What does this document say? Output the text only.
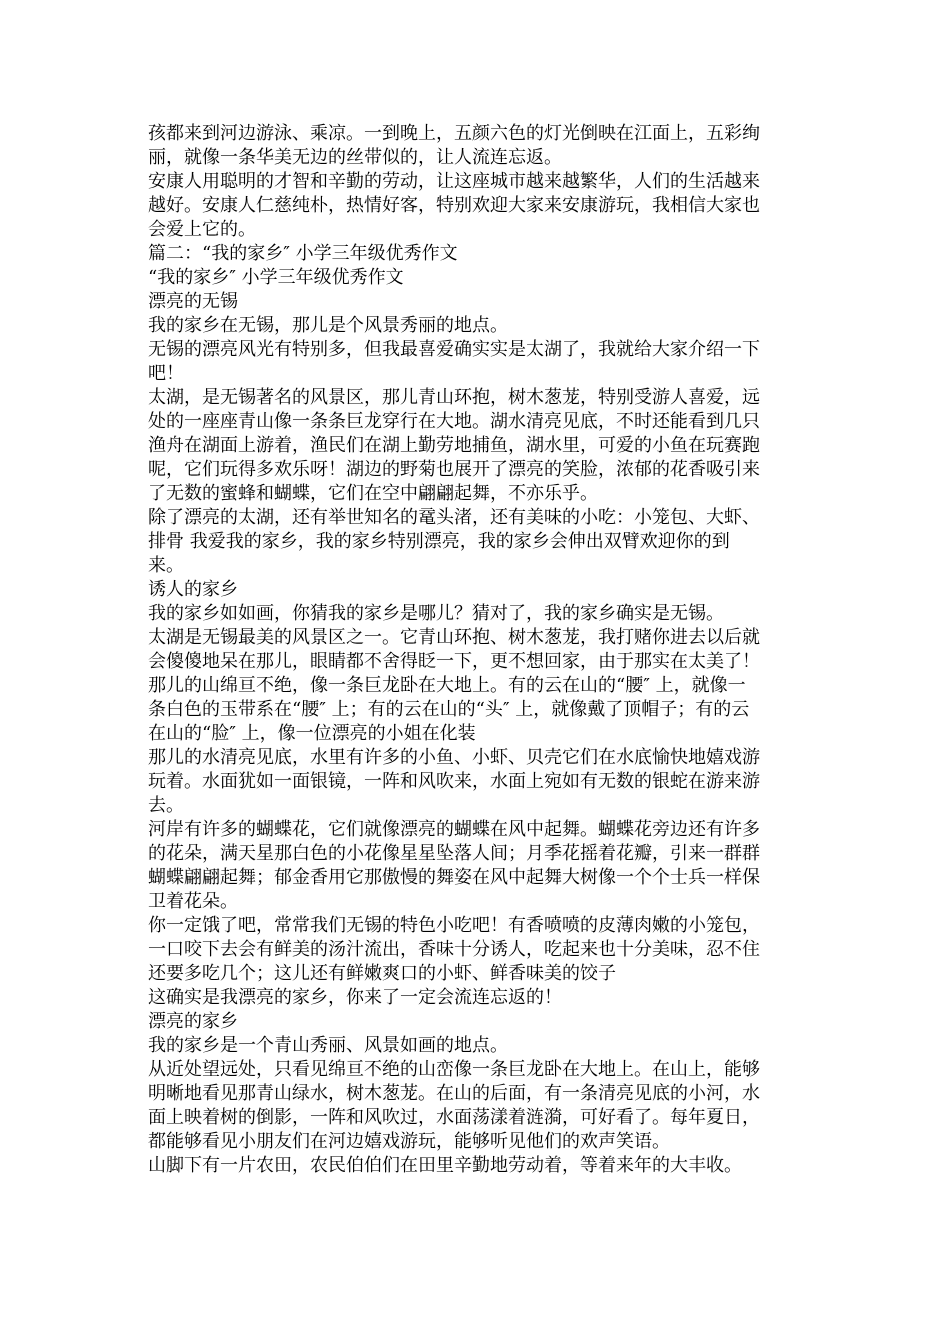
孩都来到河边游泳、乘凉。一到晚上，五颜六色的灯光倒映在江面上，五彩绚
丽，就像一条华美无边的丝带似的，让人流连忘返。
安康人用聪明的才智和辛勤的劳动，让这座城市越来越繁华，人们的生活越来
越好。安康人仁慈纯朴，热情好客，特别欢迎大家来安康游玩，我相信大家也
会爱上它的。
篇二：“我的家乡″ 小学三年级优秀作文
“我的家乡″ 小学三年级优秀作文
漂亮的无锡
我的家乡在无锡，那儿是个风景秀丽的地点。
无锡的漂亮风光有特别多，但我最喜爱确实实是太湖了，我就给大家介绍一下
吧！
太湖，是无锡著名的风景区，那儿青山环抱，树木葱茏，特别受游人喜爱，远
处的一座座青山像一条条巨龙穿行在大地。湖水清亮见底，不时还能看到几只
渔舟在湖面上游着，渔民们在湖上勤劳地捕鱼，湖水里，可爱的小鱼在玩赛跑
呢，它们玩得多欢乐呀！湖边的野菊也展开了漂亮的笑脸，浓郁的花香吸引来
了无数的蜜蜂和蝴蝶，它们在空中翩翩起舞，不亦乐乎。
除了漂亮的太湖，还有举世知名的鼋头渚，还有美味的小吃：小笼包、大虾、
排骨 我爱我的家乡，我的家乡特别漂亮，我的家乡会伸出双臂欢迎你的到
来。
诱人的家乡
我的家乡如如画，你猜我的家乡是哪儿？猜对了，我的家乡确实是无锡。
太湖是无锡最美的风景区之一。它青山环抱、树木葱茏，我打赌你进去以后就
会傻傻地呆在那儿，眼睛都不舍得眨一下，更不想回家，由于那实在太美了！
那儿的山绵亘不绝，像一条巨龙卧在大地上。有的云在山的“腰″ 上，就像一
条白色的玉带系在“腰″ 上；有的云在山的“头″ 上，就像戴了顶帽子；有的云
在山的“脸″ 上，像一位漂亮的小姐在化装
那儿的水清亮见底，水里有许多的小鱼、小虾、贝壳它们在水底愉快地嬉戏游
玩着。水面犹如一面银镜，一阵和风吹来，水面上宛如有无数的银蛇在游来游
去。
河岸有许多的蝴蝶花，它们就像漂亮的蝴蝶在风中起舞。蝴蝶花旁边还有许多
的花朵，满天星那白色的小花像星星坠落人间；月季花摇着花瓣，引来一群群
蝴蝶翩翩起舞；郁金香用它那傲慢的舞姿在风中起舞大树像一个个士兵一样保
卫着花朵。
你一定饿了吧，常常我们无锡的特色小吃吧！有香喷喷的皮薄肉嫩的小笼包，
一口咬下去会有鲜美的汤汁流出，香味十分诱人，吃起来也十分美味，忍不住
还要多吃几个；这儿还有鲜嫩爽口的小虾、鲜香味美的饺子
这确实是我漂亮的家乡，你来了一定会流连忘返的！
漂亮的家乡
我的家乡是一个青山秀丽、风景如画的地点。
从近处望远处，只看见绵亘不绝的山峦像一条巨龙卧在大地上。在山上，能够
明晰地看见那青山绿水，树木葱茏。在山的后面，有一条清亮见底的小河，水
面上映着树的倒影，一阵和风吹过，水面荡漾着涟漪，可好看了。每年夏日，
都能够看见小朋友们在河边嬉戏游玩，能够听见他们的欢声笑语。
山脚下有一片农田，农民伯伯们在田里辛勤地劳动着，等着来年的大丰收。
